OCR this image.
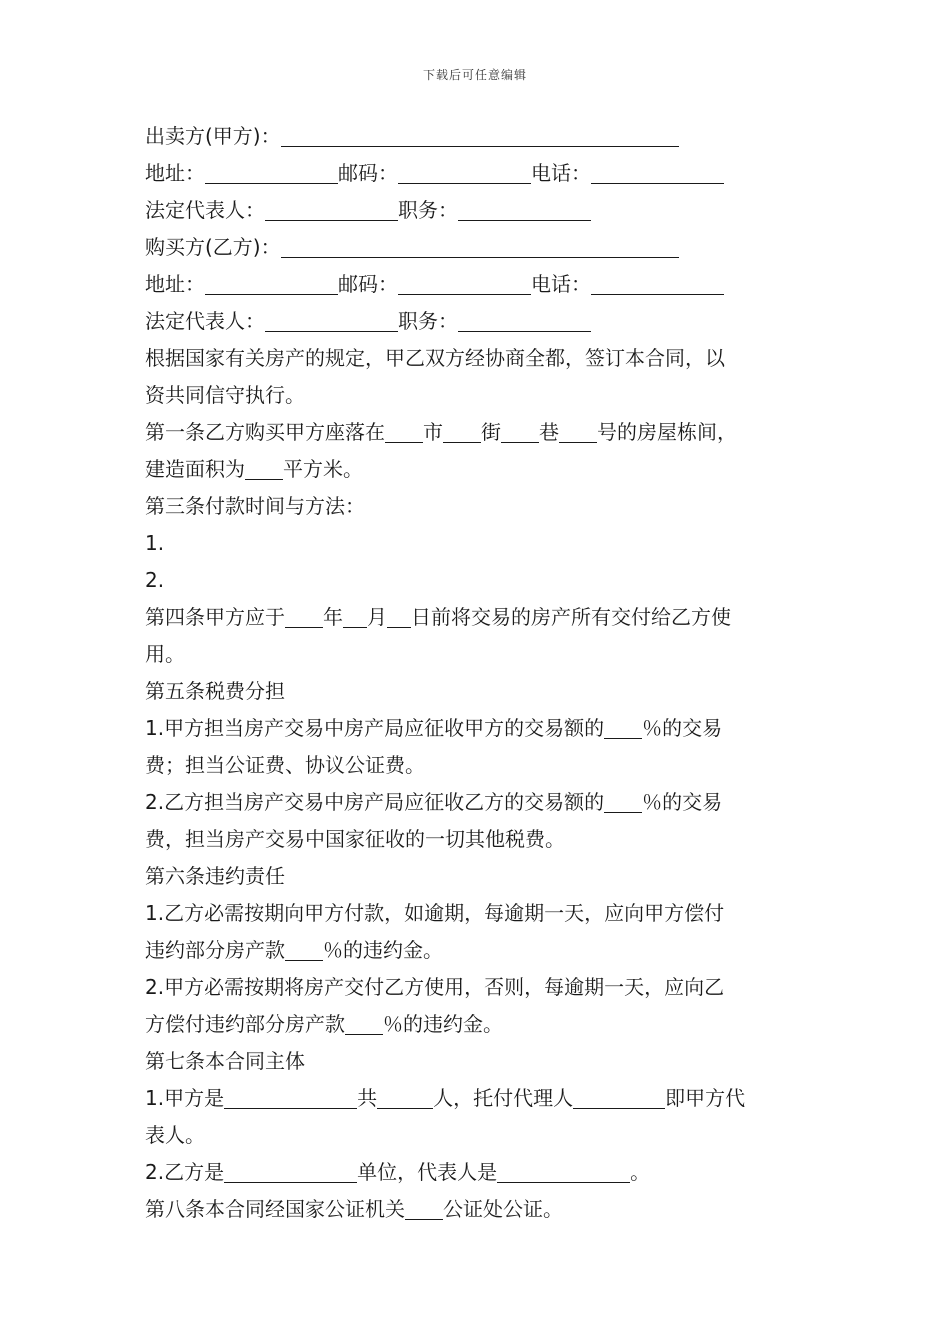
下载后可任意编辑
出卖方(甲方)：
地址：	邮码：	电话：
法定代表人：	职务：
购买方(乙方)：
地址：	邮码：	电话：
法定代表人：	职务：
根据国家有关房产的规定，甲乙双方经协商全都，签订本合同，以
资共同信守执行。
第一条乙方购买甲方座落在 市 街 巷 号的房屋栋间，
建造面积为 平方米。
第三条付款时间与方法：
1.
2.
第四条甲方应于 年 月 日前将交易的房产所有交付给乙方使
用。
第五条税费分担
1.甲方担当房产交易中房产局应征收甲方的交易额的 ％的交易
费；担当公证费、协议公证费。
2.乙方担当房产交易中房产局应征收乙方的交易额的 ％的交易
费，担当房产交易中国家征收的一切其他税费。
第六条违约责任
1.乙方必需按期向甲方付款，如逾期，每逾期一天，应向甲方偿付
违约部分房产款 ％的违约金。
2.甲方必需按期将房产交付乙方使用，否则，每逾期一天，应向乙
方偿付违约部分房产款 ％的违约金。
第七条本合同主体
1.甲方是	共	人，托付代理人	即甲方代
表人。
2.乙方是	单位，代表人是	。
第八条本合同经国家公证机关 公证处公证。
